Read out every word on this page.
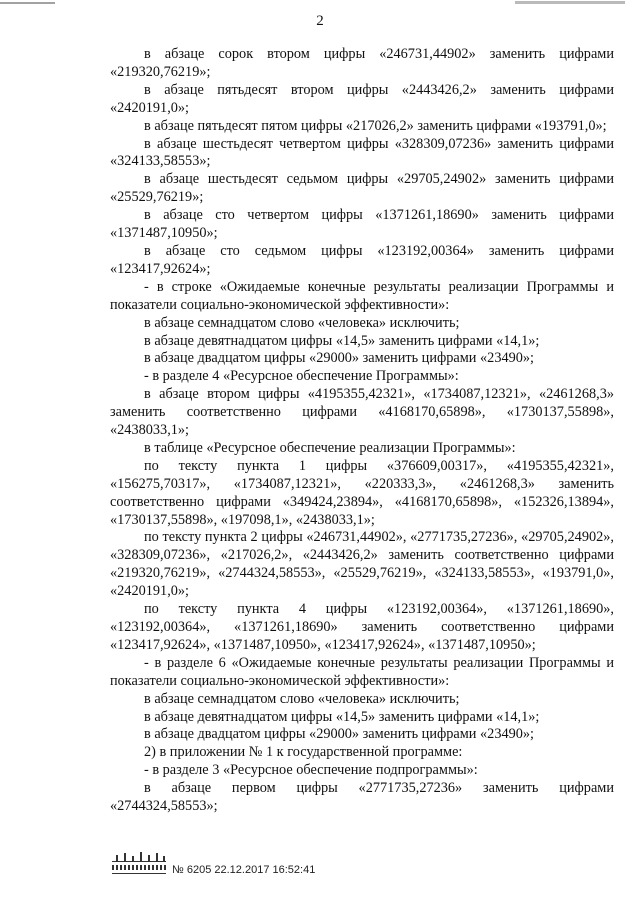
2

в абзаце сорок втором цифры «246731,44902» заменить цифрами «219320,76219»;

в абзаце пятьдесят втором цифры «2443426,2» заменить цифрами «2420191,0»;

в абзаце пятьдесят пятом цифры «217026,2» заменить цифрами «193791,0»;

в абзаце шестьдесят четвертом цифры «328309,07236» заменить цифрами «324133,58553»;

в абзаце шестьдесят седьмом цифры «29705,24902» заменить цифрами «25529,76219»;

в абзаце сто четвертом цифры «1371261,18690» заменить цифрами «1371487,10950»;

в абзаце сто седьмом цифры «123192,00364» заменить цифрами «123417,92624»;

- в строке «Ожидаемые конечные результаты реализации Программы и показатели социально-экономической эффективности»:

в абзаце семнадцатом слово «человека» исключить;

в абзаце девятнадцатом цифры «14,5» заменить цифрами «14,1»;

в абзаце двадцатом цифры «29000» заменить цифрами «23490»;

- в разделе 4 «Ресурсное обеспечение Программы»:

в абзаце втором цифры «4195355,42321», «1734087,12321», «2461268,3» заменить соответственно цифрами «4168170,65898», «1730137,55898», «2438033,1»;

в таблице «Ресурсное обеспечение реализации Программы»:

по тексту пункта 1 цифры «376609,00317», «4195355,42321», «156275,70317», «1734087,12321», «220333,3», «2461268,3» заменить соответственно цифрами «349424,23894», «4168170,65898», «152326,13894», «1730137,55898», «197098,1», «2438033,1»;

по тексту пункта 2 цифры «246731,44902», «2771735,27236», «29705,24902», «328309,07236», «217026,2», «2443426,2» заменить соответственно цифрами «219320,76219», «2744324,58553», «25529,76219», «324133,58553», «193791,0», «2420191,0»;

по тексту пункта 4 цифры «123192,00364», «1371261,18690», «123192,00364», «1371261,18690» заменить соответственно цифрами «123417,92624», «1371487,10950», «123417,92624», «1371487,10950»;

- в разделе 6 «Ожидаемые конечные результаты реализации Программы и показатели социально-экономической эффективности»:

в абзаце семнадцатом слово «человека» исключить;

в абзаце девятнадцатом цифры «14,5» заменить цифрами «14,1»;

в абзаце двадцатом цифры «29000» заменить цифрами «23490»;

2) в приложении № 1 к государственной программе:

- в разделе 3 «Ресурсное обеспечение подпрограммы»:

в абзаце первом цифры «2771735,27236» заменить цифрами «2744324,58553»;

№ 6205 22.12.2017 16:52:41
